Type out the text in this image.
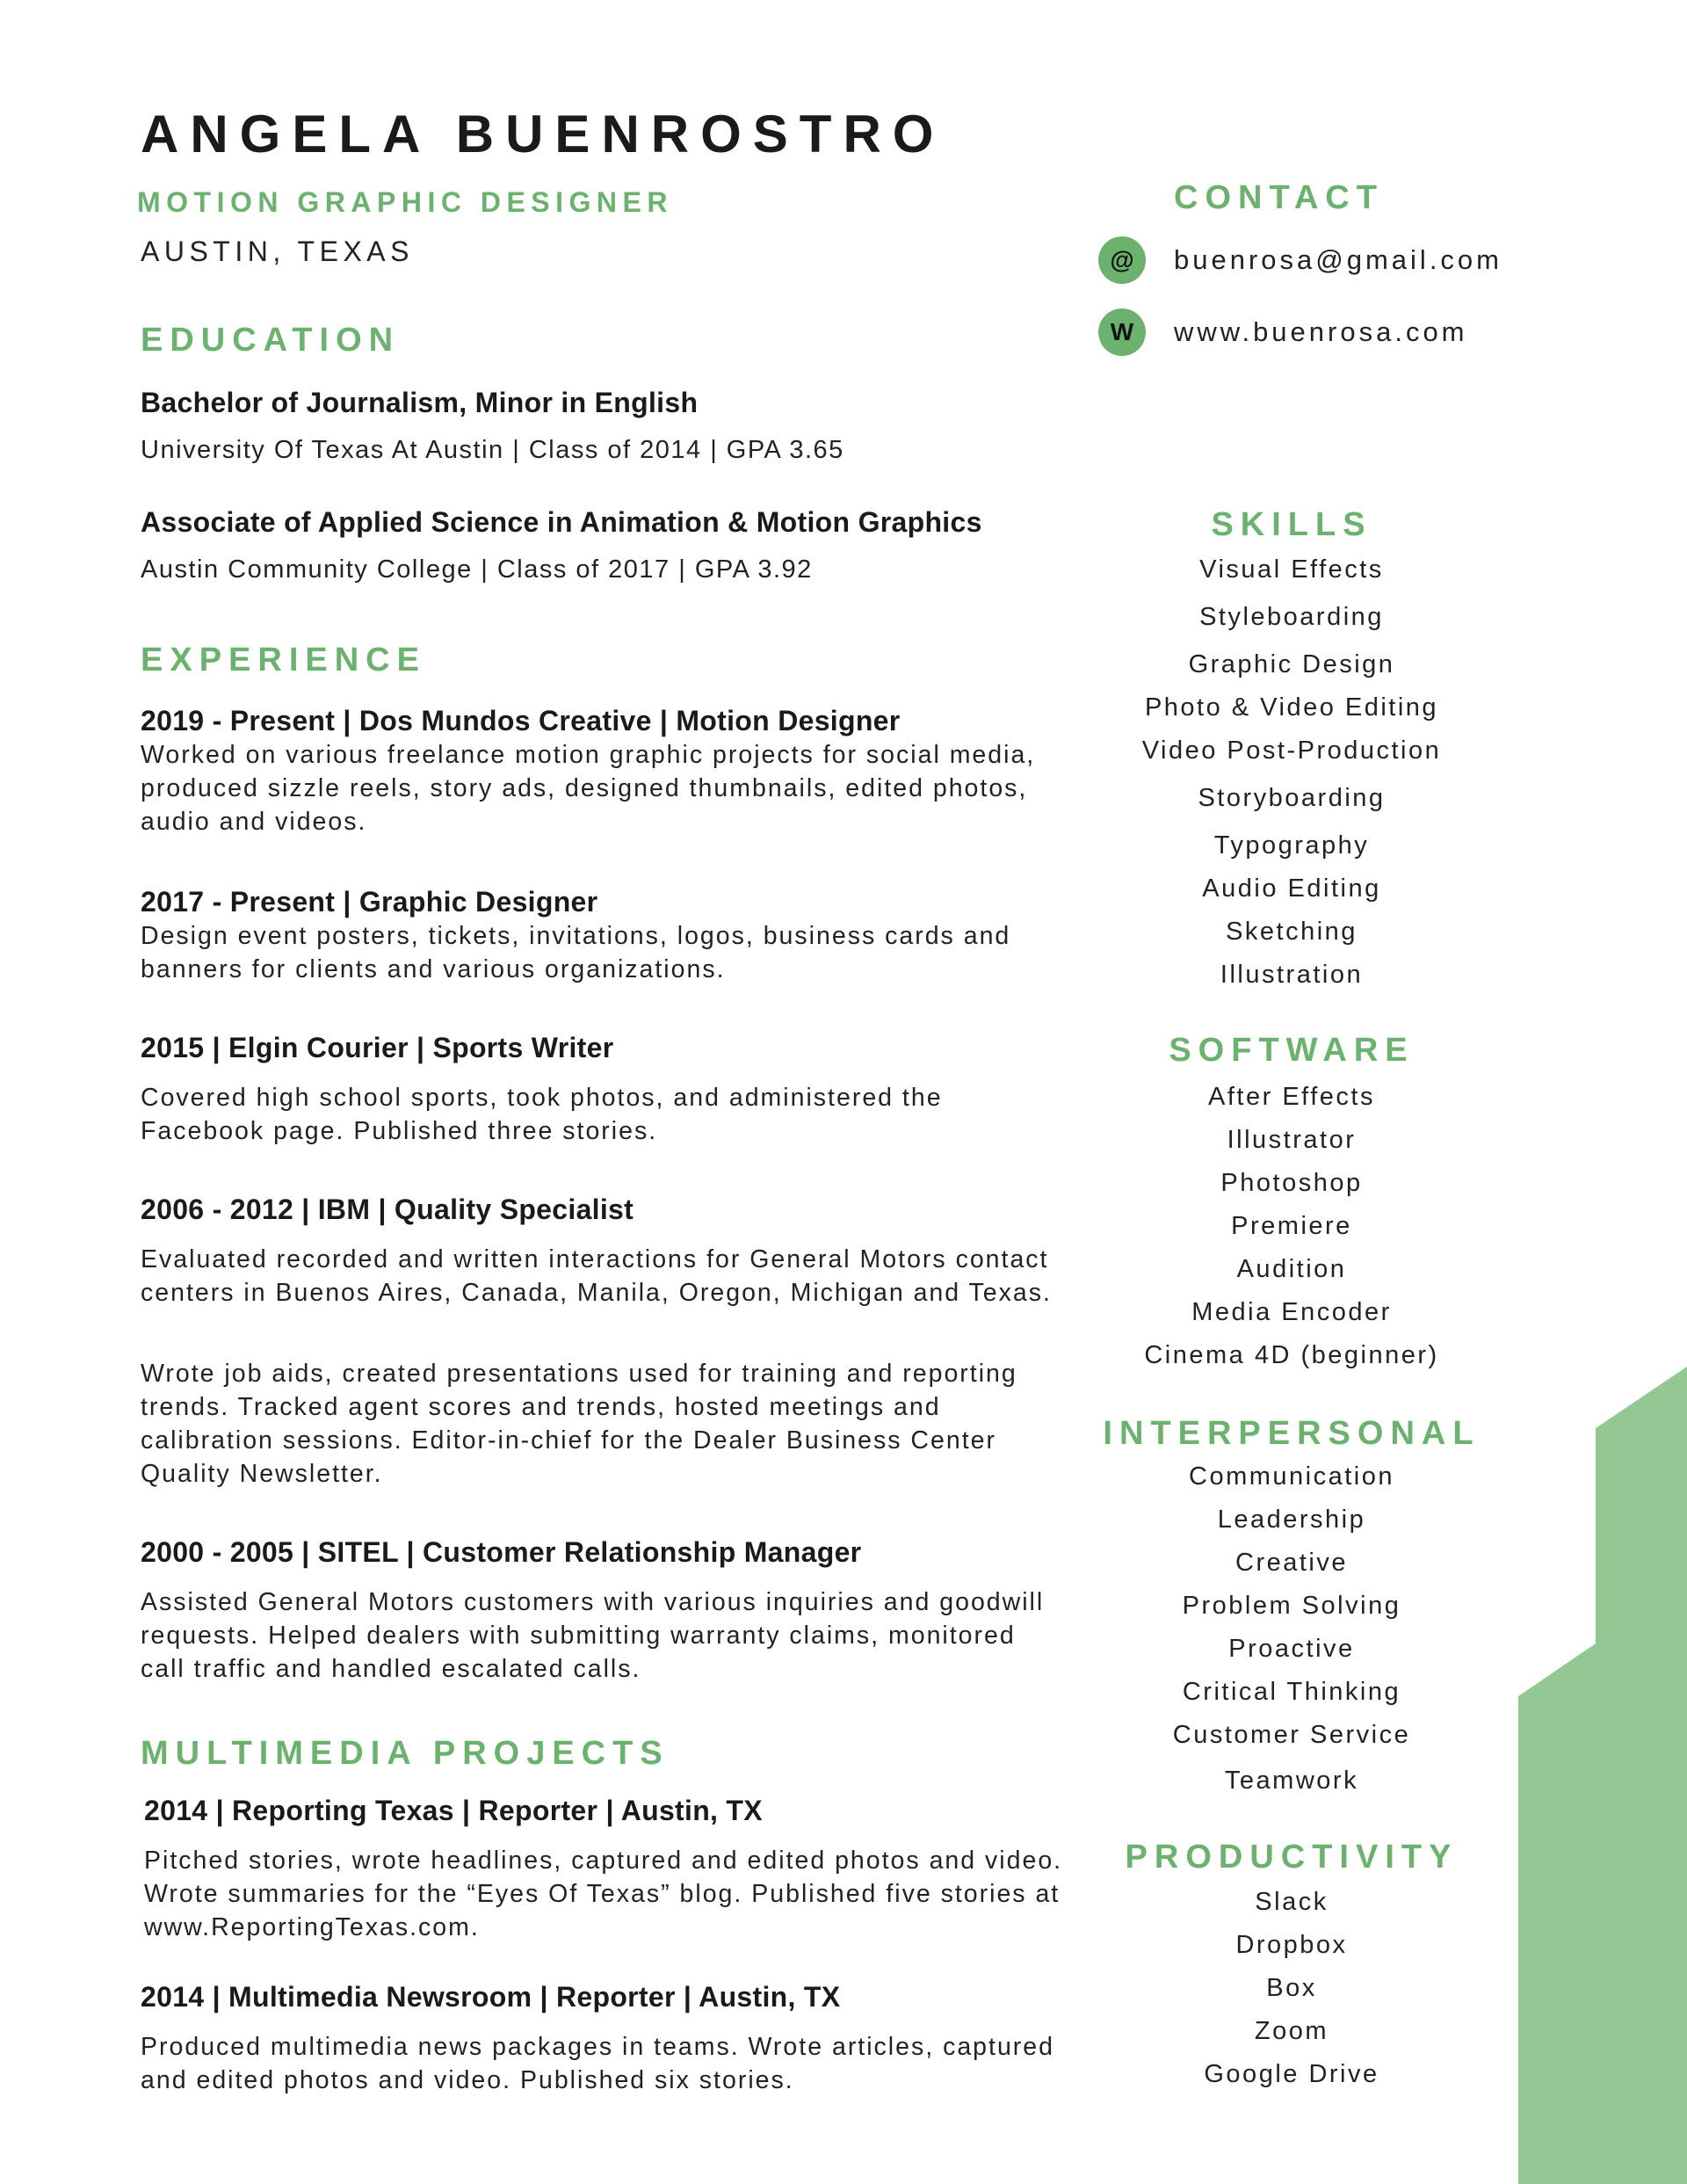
ANGELA BUENROSTRO
MOTION GRAPHIC DESIGNER
AUSTIN, TEXAS
EDUCATION
Bachelor of Journalism, Minor in English
University Of Texas At Austin | Class of 2014 | GPA 3.65
Associate of Applied Science in Animation & Motion Graphics
Austin Community College | Class of 2017 | GPA 3.92
EXPERIENCE
2019 - Present | Dos Mundos Creative | Motion Designer
Worked on various freelance motion graphic projects for social media, produced sizzle reels, story ads, designed thumbnails, edited photos, audio and videos.
2017 - Present | Graphic Designer
Design event posters, tickets, invitations, logos, business cards and banners for clients and various organizations.
2015 | Elgin Courier | Sports Writer
Covered high school sports, took photos, and administered the Facebook page. Published three stories.
2006 - 2012 | IBM | Quality Specialist
Evaluated recorded and written interactions for General Motors contact centers in Buenos Aires, Canada, Manila, Oregon, Michigan and Texas.
Wrote job aids, created presentations used for training and reporting trends. Tracked agent scores and trends, hosted meetings and calibration sessions. Editor-in-chief for the Dealer Business Center Quality Newsletter.
2000 - 2005 | SITEL | Customer Relationship Manager
Assisted General Motors customers with various inquiries and goodwill requests. Helped dealers with submitting warranty claims, monitored call traffic and handled escalated calls.
MULTIMEDIA PROJECTS
2014 | Reporting Texas | Reporter | Austin, TX
Pitched stories, wrote headlines, captured and edited photos and video. Wrote summaries for the “Eyes Of Texas” blog. Published five stories at www.ReportingTexas.com.
2014 | Multimedia Newsroom | Reporter | Austin, TX
Produced multimedia news packages in teams. Wrote articles, captured and edited photos and video. Published six stories.
CONTACT
@	buenrosa@gmail.com
W	www.buenrosa.com
SKILLS
Visual Effects
Styleboarding
Graphic Design
Photo & Video Editing
Video Post-Production
Storyboarding
Typography
Audio Editing
Sketching
Illustration
SOFTWARE
After Effects
Illustrator
Photoshop
Premiere
Audition
Media Encoder
Cinema 4D (beginner)
INTERPERSONAL
Communication
Leadership
Creative
Problem Solving
Proactive
Critical Thinking
Customer Service
Teamwork
PRODUCTIVITY
Slack
Dropbox
Box
Zoom
Google Drive
